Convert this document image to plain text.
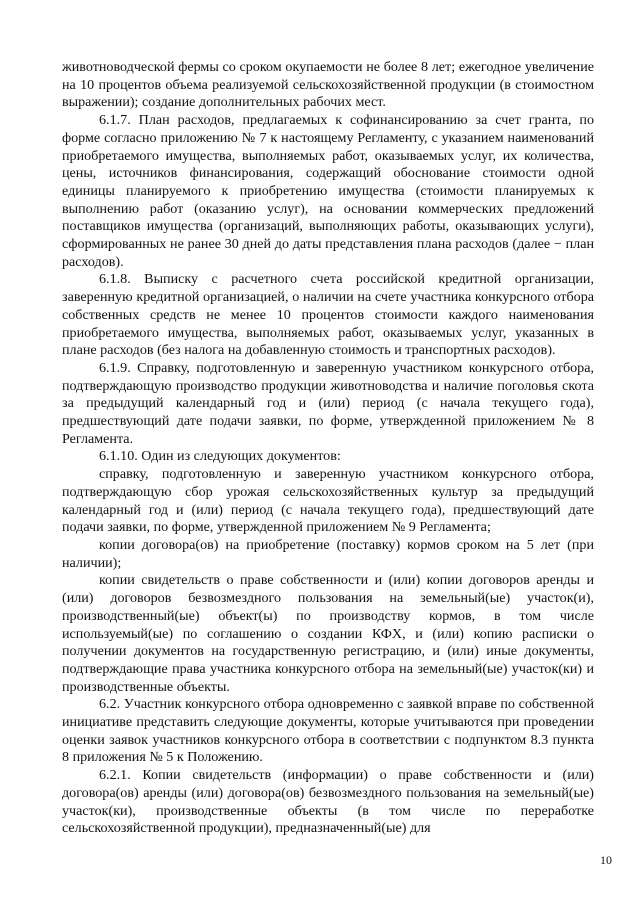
животноводческой фермы со сроком окупаемости не более 8 лет; ежегодное увеличение на 10 процентов объема реализуемой сельскохозяйственной продукции (в стоимостном выражении); создание дополнительных рабочих мест.

6.1.7. План расходов, предлагаемых к софинансированию за счет гранта, по форме согласно приложению № 7 к настоящему Регламенту, с указанием наименований приобретаемого имущества, выполняемых работ, оказываемых услуг, их количества, цены, источников финансирования, содержащий обоснование стоимости одной единицы планируемого к приобретению имущества (стоимости планируемых к выполнению работ (оказанию услуг), на основании коммерческих предложений поставщиков имущества (организаций, выполняющих работы, оказывающих услуги), сформированных не ранее 30 дней до даты представления плана расходов (далее − план расходов).

6.1.8. Выписку с расчетного счета российской кредитной организации, заверенную кредитной организацией, о наличии на счете участника конкурсного отбора собственных средств не менее 10 процентов стоимости каждого наименования приобретаемого имущества, выполняемых работ, оказываемых услуг, указанных в плане расходов (без налога на добавленную стоимость и транспортных расходов).

6.1.9. Справку, подготовленную и заверенную участником конкурсного отбора, подтверждающую производство продукции животноводства и наличие поголовья скота за предыдущий календарный год и (или) период (с начала текущего года), предшествующий дате подачи заявки, по форме, утвержденной приложением № 8 Регламента.

6.1.10. Один из следующих документов:

справку, подготовленную и заверенную участником конкурсного отбора, подтверждающую сбор урожая сельскохозяйственных культур за предыдущий календарный год и (или) период (с начала текущего года), предшествующий дате подачи заявки, по форме, утвержденной приложением № 9 Регламента;

копии договора(ов) на приобретение (поставку) кормов сроком на 5 лет (при наличии);

копии свидетельств о праве собственности и (или) копии договоров аренды и (или) договоров безвозмездного пользования на земельный(ые) участок(и), производственный(ые) объект(ы) по производству кормов, в том числе используемый(ые) по соглашению о создании КФХ, и (или) копию расписки о получении документов на государственную регистрацию, и (или) иные документы, подтверждающие права участника конкурсного отбора на земельный(ые) участок(ки) и производственные объекты.

6.2. Участник конкурсного отбора одновременно с заявкой вправе по собственной инициативе представить следующие документы, которые учитываются при проведении оценки заявок участников конкурсного отбора в соответствии с подпунктом 8.3 пункта 8 приложения № 5 к Положению.

6.2.1. Копии свидетельств (информации) о праве собственности и (или) договора(ов) аренды (или) договора(ов) безвозмездного пользования на земельный(ые) участок(ки), производственные объекты (в том числе по переработке сельскохозяйственной продукции), предназначенный(ые) для

10
